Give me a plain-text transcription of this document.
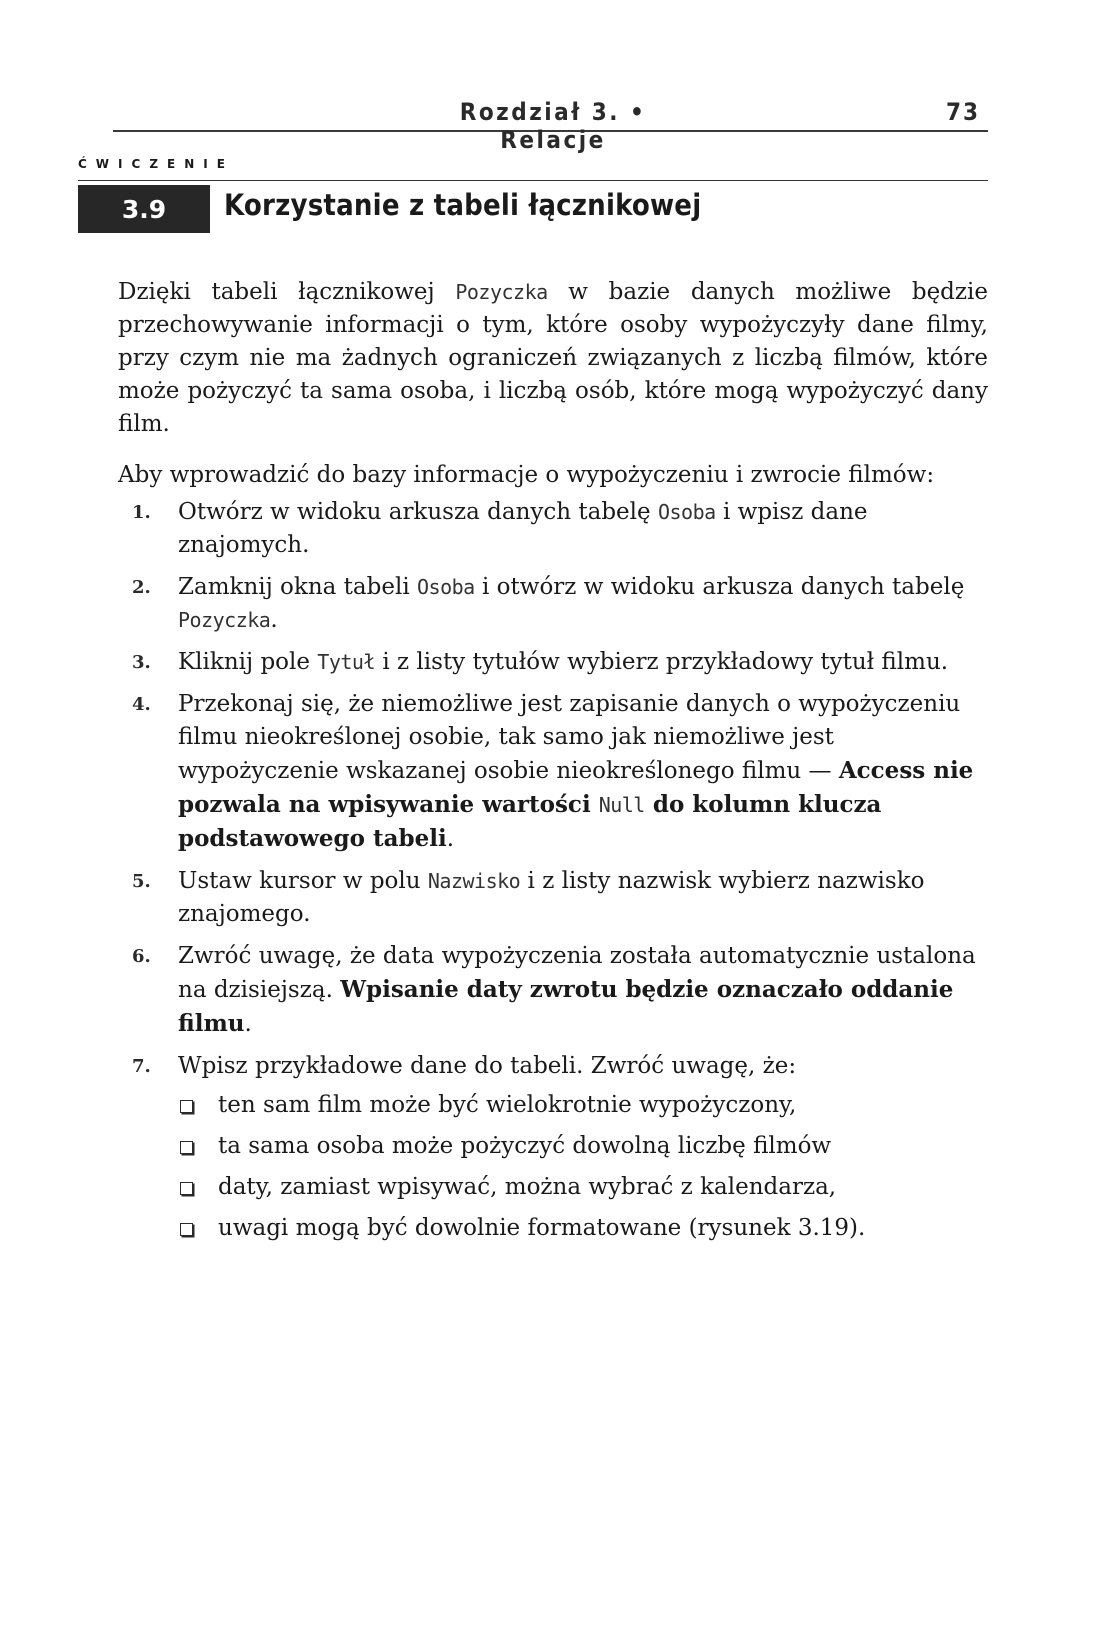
Rozdział 3. • Relacje
73
ĆWICZENIE
3.9 Korzystanie z tabeli łącznikowej

Dzięki tabeli łącznikowej Pozyczka w bazie danych możliwe będzie przechowywanie informacji o tym, które osoby wypożyczyły dane filmy, przy czym nie ma żadnych ograniczeń związanych z liczbą filmów, które może pożyczyć ta sama osoba, i liczbą osób, które mogą wypożyczyć dany film.

Aby wprowadzić do bazy informacje o wypożyczeniu i zwrocie filmów:

1. Otwórz w widoku arkusza danych tabelę Osoba i wpisz dane znajomych.
2. Zamknij okna tabeli Osoba i otwórz w widoku arkusza danych tabelę Pozyczka.
3. Kliknij pole Tytuł i z listy tytułów wybierz przykładowy tytuł filmu.
4. Przekonaj się, że niemożliwe jest zapisanie danych o wypożyczeniu filmu nieokreślonej osobie, tak samo jak niemożliwe jest wypożyczenie wskazanej osobie nieokreślonego filmu — Access nie pozwala na wpisywanie wartości Null do kolumn klucza podstawowego tabeli.
5. Ustaw kursor w polu Nazwisko i z listy nazwisk wybierz nazwisko znajomego.
6. Zwróć uwagę, że data wypożyczenia została automatycznie ustalona na dzisiejszą. Wpisanie daty zwrotu będzie oznaczało oddanie filmu.
7. Wpisz przykładowe dane do tabeli. Zwróć uwagę, że:
ten sam film może być wielokrotnie wypożyczony,
ta sama osoba może pożyczyć dowolną liczbę filmów
daty, zamiast wpisywać, można wybrać z kalendarza,
uwagi mogą być dowolnie formatowane (rysunek 3.19).
